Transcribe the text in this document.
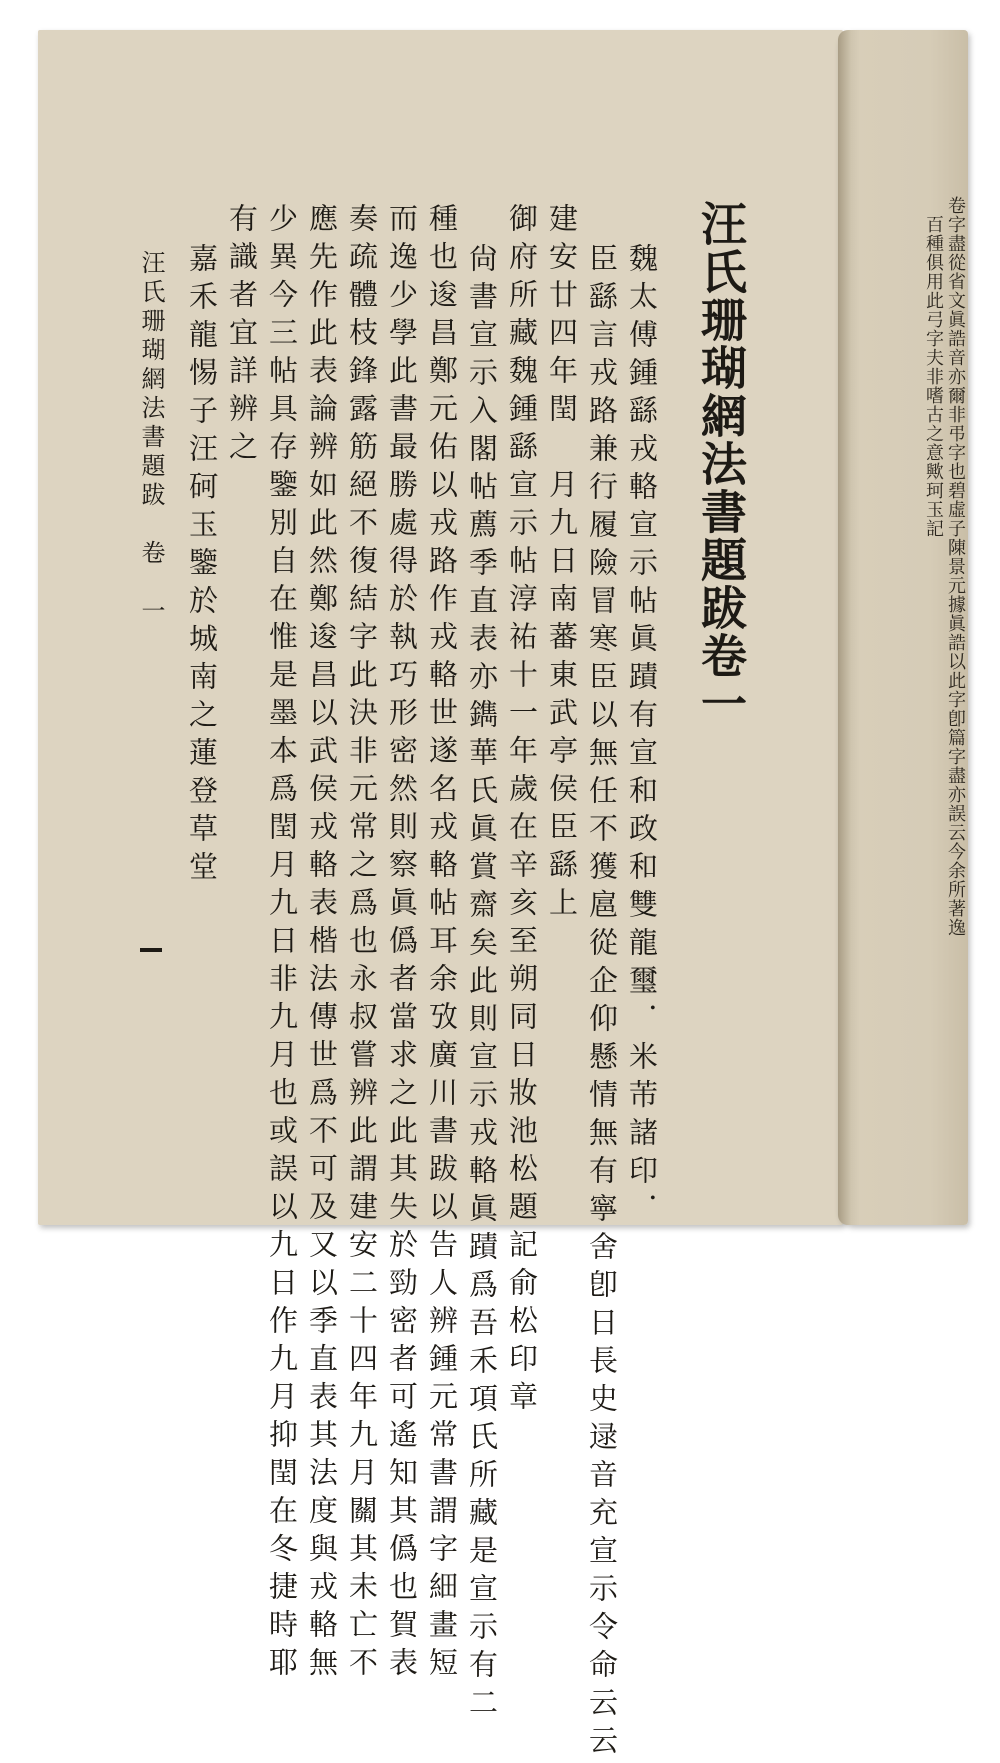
汪氏珊瑚網法書題跋卷一

魏太傅鍾繇戎輅宣示帖眞蹟有宣和政和雙龍璽．米芾諸印．

臣繇言戎路兼行履險冒寒臣以無任不獲扈從企仰懸情無有寧舍卽日長史逯音充宣示令命云云

建安廿四年閏　月九日南蕃東武亭侯臣繇上

御府所藏魏鍾繇宣示帖淳祐十一年歲在辛亥至朔同日妝池松題記俞松印章

尙書宣示入閣帖薦季直表亦鐫華氏眞賞齋矣此則宣示戎輅眞蹟爲吾禾項氏所藏是宣示有二

種也逡昌鄭元佑以戎路作戎輅世遂名戎輅帖耳余攷廣川書跋以告人辨鍾元常書謂字細畫短

而逸少學此書最勝處得於執巧形密然則察眞僞者當求之此其失於勁密者可遙知其僞也賀表

奏疏體枝鋒露筋絕不復結字此決非元常之爲也永叔嘗辨此謂建安二十四年九月關其未亡不

應先作此表論辨如此然鄭逡昌以武侯戎輅表楷法傳世爲不可及又以季直表其法度與戎輅無

少異今三帖具存鑒別自在惟是墨本爲閏月九日非九月也或誤以九日作九月抑閏在冬捷時耶

有識者宜詳辨之

嘉禾龍惕子汪砢玉鑒於城南之蓮登草堂

汪氏珊瑚網法書題跋　卷　一	卷字盡從省文眞誥音亦爾非弔字也碧虛子陳景元據眞誥以此字卽篇字盡亦誤云今余所著逸

百種俱用此弓字夫非嗜古之意歟珂玉記
